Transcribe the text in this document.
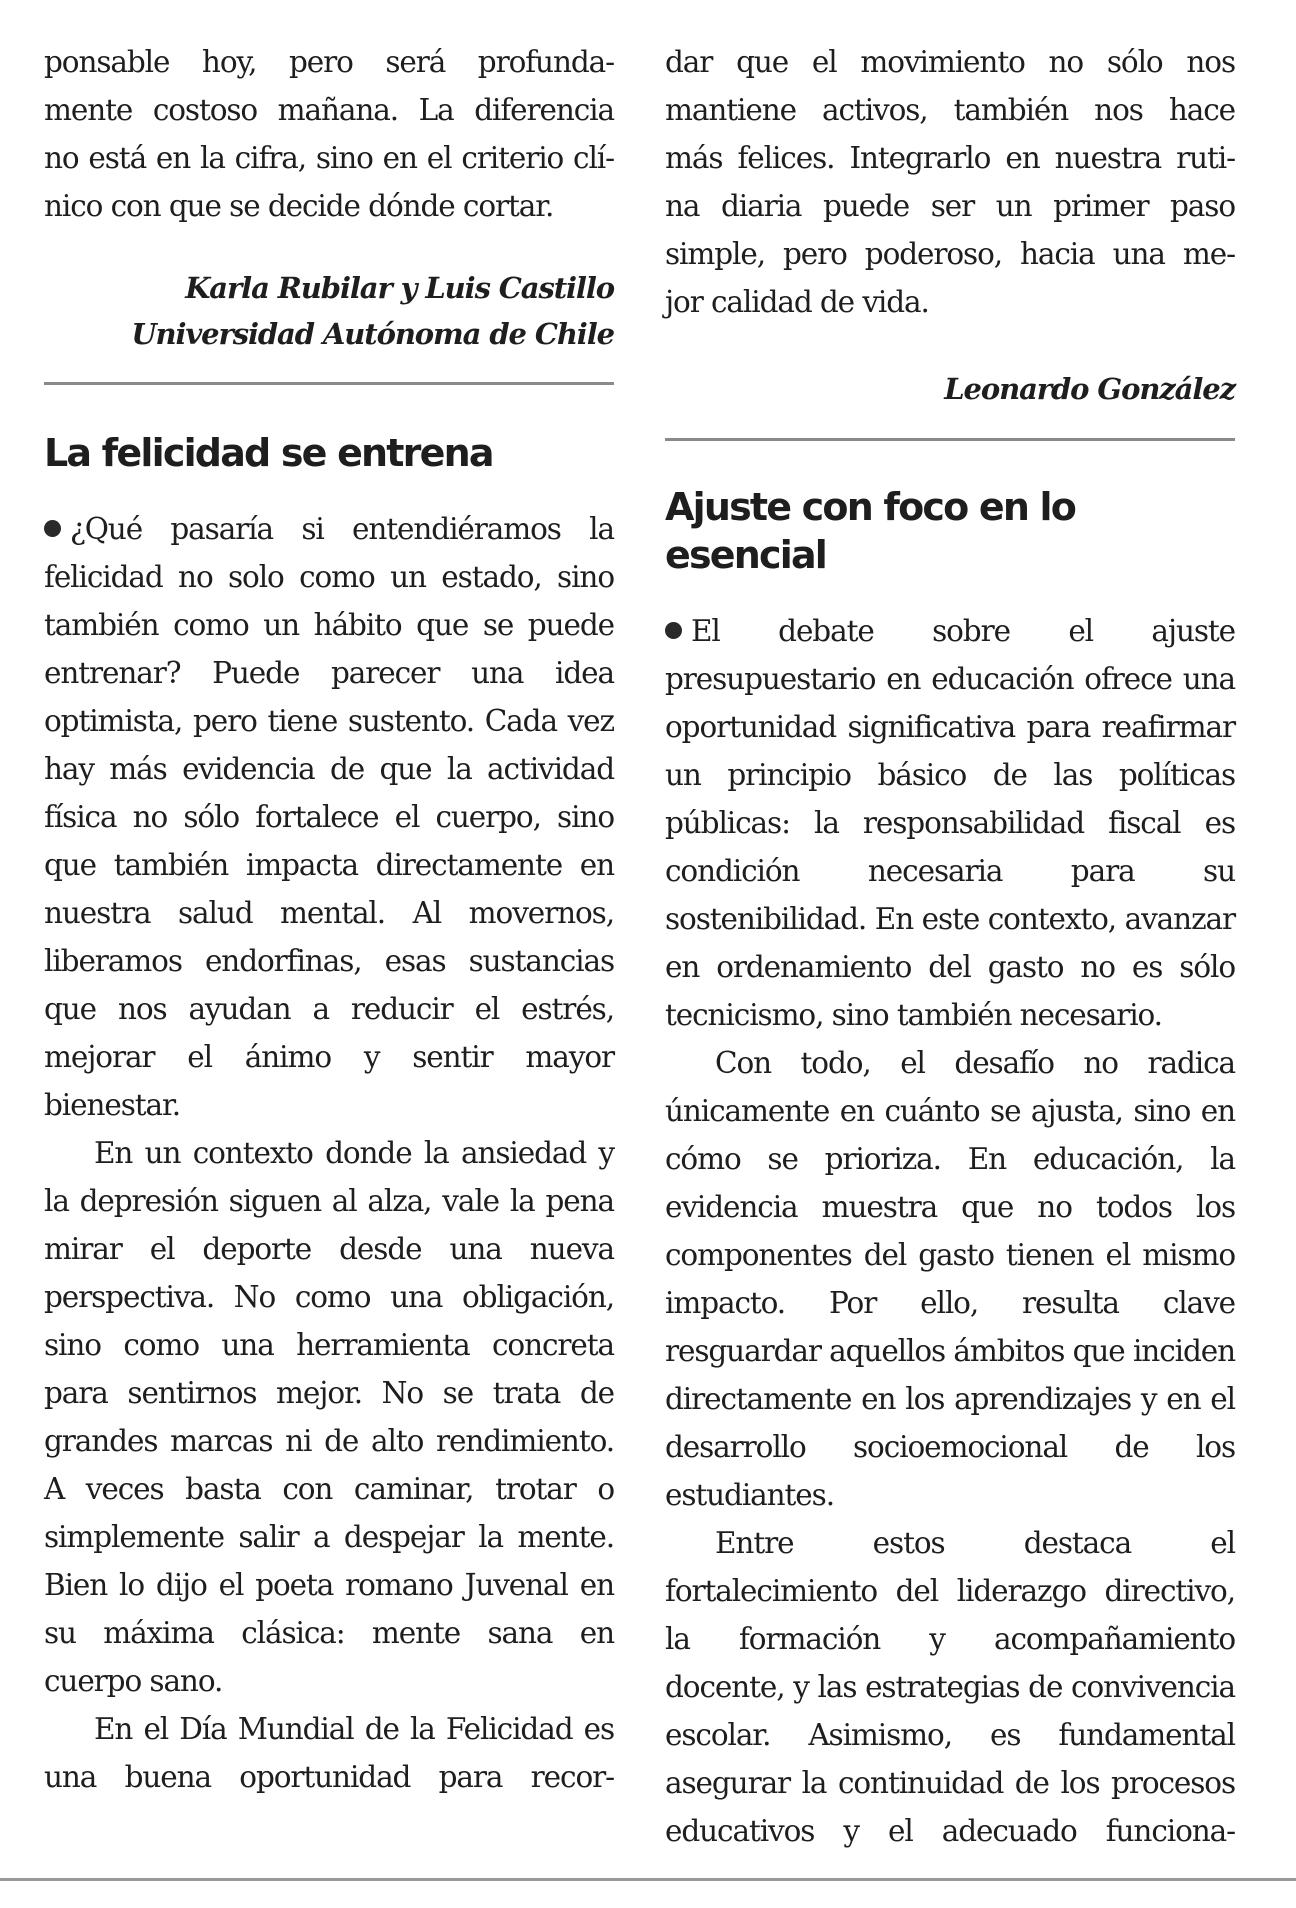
ponsable hoy, pero será profunda-

mente costoso mañana. La diferencia

no está en la cifra, sino en el criterio clí-

nico con que se decide dónde cortar.

Karla Rubilar y Luis Castillo

Universidad Autónoma de Chile

La felicidad se entrena

¿Qué pasaría si entendiéramos la felicidad no solo como un estado, sino también como un hábito que se puede entrenar? Puede parecer una idea optimista, pero tiene sustento. Cada vez hay más evidencia de que la actividad física no sólo fortalece el cuerpo, sino que también impacta directamente en nuestra salud mental. Al movernos, liberamos endorfinas, esas sustancias que nos ayudan a reducir el estrés, mejorar el ánimo y sentir mayor bienestar.

En un contexto donde la ansiedad y la depresión siguen al alza, vale la pena mirar el deporte desde una nueva perspectiva. No como una obligación, sino como una herramienta concreta para sentirnos mejor. No se trata de grandes marcas ni de alto rendimiento. A veces basta con caminar, trotar o simplemente salir a despejar la mente. Bien lo dijo el poeta romano Juvenal en su máxima clásica: mente sana en cuerpo sano.

En el Día Mundial de la Felicidad es una buena oportunidad para recor-

dar que el movimiento no sólo nos

mantiene activos, también nos hace

más felices. Integrarlo en nuestra ruti-

na diaria puede ser un primer paso

simple, pero poderoso, hacia una me-

jor calidad de vida.

Leonardo González

Ajuste con foco en lo esencial

El debate sobre el ajuste presupuestario en educación ofrece una oportunidad significativa para reafirmar un principio básico de las políticas públicas: la responsabilidad fiscal es condición necesaria para su sostenibilidad. En este contexto, avanzar en ordenamiento del gasto no es sólo tecnicismo, sino también necesario.

Con todo, el desafío no radica únicamente en cuánto se ajusta, sino en cómo se prioriza. En educación, la evidencia muestra que no todos los componentes del gasto tienen el mismo impacto. Por ello, resulta clave resguardar aquellos ámbitos que inciden directamente en los aprendizajes y en el desarrollo socioemocional de los estudiantes.

Entre estos destaca el fortalecimiento del liderazgo directivo, la formación y acompañamiento docente, y las estrategias de convivencia escolar. Asimismo, es fundamental asegurar la continuidad de los procesos educativos y el adecuado funciona-
